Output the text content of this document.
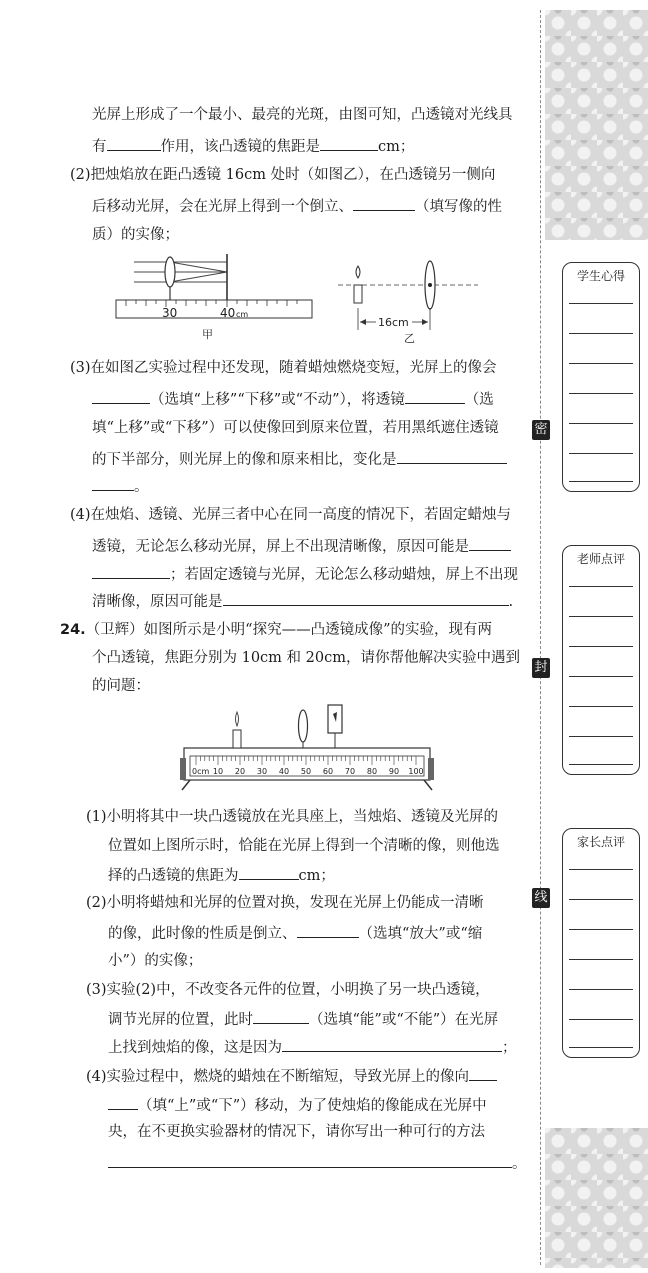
光屏上形成了一个最小、最亮的光斑，由图可知，凸透镜对光线具
有	作用，该凸透镜的焦距是	cm；
(2)把烛焰放在距凸透镜 16cm 处时（如图乙），在凸透镜另一侧向
后移动光屏，会在光屏上得到一个倒立、	（填写像的性
质）的实像；
30	40 cm
甲
16cm
乙
(3)在如图乙实验过程中还发现，随着蜡烛燃烧变短，光屏上的像会
（选填“上移”“下移”或“不动”），将透镜	（选
填“上移”或“下移”）可以使像回到原来位置，若用黑纸遮住透镜
的下半部分，则光屏上的像和原来相比，变化是
。
(4)在烛焰、透镜、光屏三者中心在同一高度的情况下，若固定蜡烛与
透镜，无论怎么移动光屏，屏上不出现清晰像，原因可能是
；若固定透镜与光屏，无论怎么移动蜡烛，屏上不出现
清晰像，原因可能是	.
24.（卫辉）如图所示是小明“探究——凸透镜成像”的实验，现有两
个凸透镜，焦距分别为 10cm 和 20cm，请你帮他解决实验中遇到
的问题：
0cm 10 20 30 40 50 60 70 80 90 100
(1)小明将其中一块凸透镜放在光具座上，当烛焰、透镜及光屏的
位置如上图所示时，恰能在光屏上得到一个清晰的像，则他选
择的凸透镜的焦距为	cm；
(2)小明将蜡烛和光屏的位置对换，发现在光屏上仍能成一清晰
的像，此时像的性质是倒立、	（选填“放大”或“缩
小”）的实像；
(3)实验(2)中，不改变各元件的位置，小明换了另一块凸透镜，
调节光屏的位置，此时	（选填“能”或“不能”）在光屏
上找到烛焰的像，这是因为	；
(4)实验过程中，燃烧的蜡烛在不断缩短，导致光屏上的像向
（填“上”或“下”）移动，为了使烛焰的像能成在光屏中
央，在不更换实验器材的情况下，请你写出一种可行的方法
。
学生心得
老师点评
家长点评
密
封
线
